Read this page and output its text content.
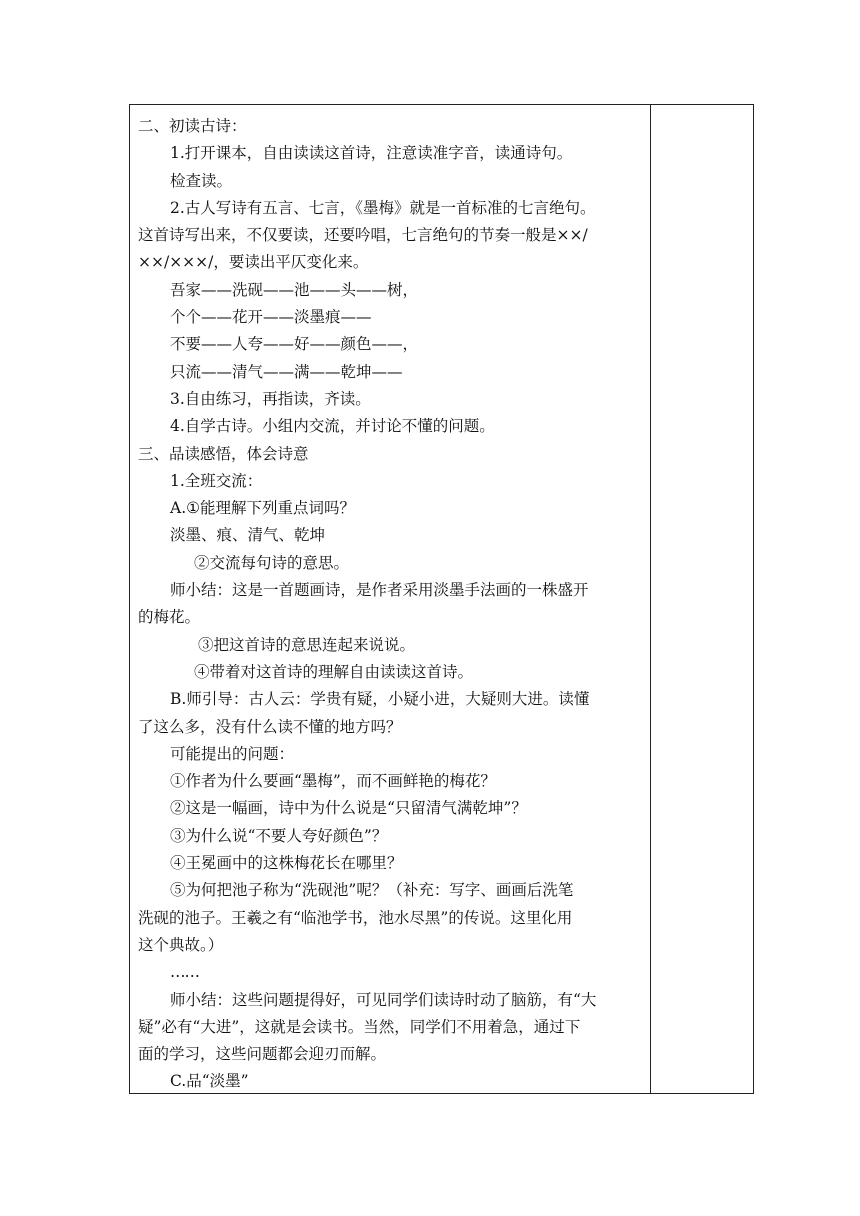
二、初读古诗：
1.打开课本，自由读读这首诗，注意读准字音，读通诗句。
检查读。
2.古人写诗有五言、七言，《墨梅》就是一首标准的七言绝句。
这首诗写出来，不仅要读，还要吟唱，七言绝句的节奏一般是××/
××/×××/，要读出平仄变化来。
吾家——洗砚——池——头——树，
个个——花开——淡墨痕——
不要——人夸——好——颜色——，
只流——清气——满——乾坤——
3.自由练习，再指读，齐读。
4.自学古诗。小组内交流，并讨论不懂的问题。
三、品读感悟，体会诗意
1.全班交流：
A.①能理解下列重点词吗？
淡墨、痕、清气、乾坤
②交流每句诗的意思。
师小结：这是一首题画诗，是作者采用淡墨手法画的一株盛开
的梅花。
③把这首诗的意思连起来说说。
④带着对这首诗的理解自由读读这首诗。
B.师引导：古人云：学贵有疑，小疑小进，大疑则大进。读懂
了这么多，没有什么读不懂的地方吗？
可能提出的问题：
①作者为什么要画“墨梅”，而不画鲜艳的梅花？
②这是一幅画，诗中为什么说是“只留清气满乾坤”？
③为什么说“不要人夸好颜色”？
④王冕画中的这株梅花长在哪里？
⑤为何把池子称为“洗砚池”呢？（补充：写字、画画后洗笔
洗砚的池子。王羲之有“临池学书，池水尽黑”的传说。这里化用
这个典故。）
……
师小结：这些问题提得好，可见同学们读诗时动了脑筋，有“大
疑”必有“大进”，这就是会读书。当然，同学们不用着急，通过下
面的学习，这些问题都会迎刃而解。
C.品“淡墨”
